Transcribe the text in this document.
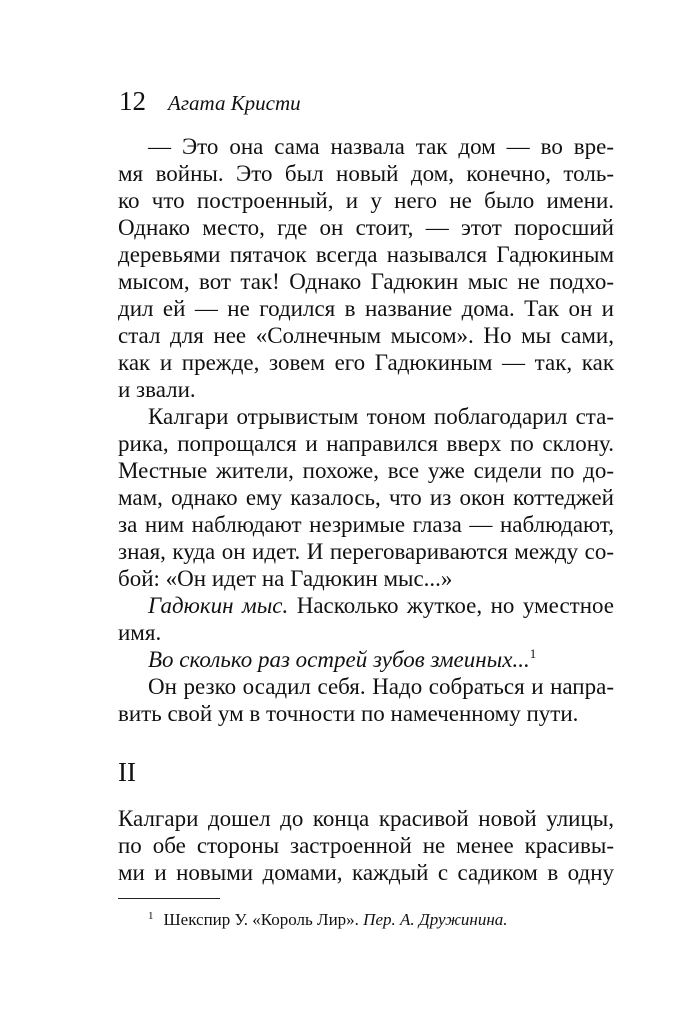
12 Агата Кристи
— Это она сама назвала так дом — во вре-
мя войны. Это был новый дом, конечно, толь-
ко что построенный, и у него не было имени.
Однако место, где он стоит, — этот поросший
деревьями пятачок всегда назывался Гадюкиным
мысом, вот так! Однако Гадюкин мыс не подхо-
дил ей — не годился в название дома. Так он и
стал для нее «Солнечным мысом». Но мы сами,
как и прежде, зовем его Гадюкиным — так, как
и звали.
Калгари отрывистым тоном поблагодарил ста-
рика, попрощался и направился вверх по склону.
Местные жители, похоже, все уже сидели по до-
мам, однако ему казалось, что из окон коттеджей
за ним наблюдают незримые глаза — наблюдают,
зная, куда он идет. И переговариваются между со-
бой: «Он идет на Гадюкин мыс...»
Гадюкин мыс. Насколько жуткое, но уместное
имя.
Во сколько раз острей зубов змеиных...$^1$
Он резко осадил себя. Надо собраться и напра-
вить свой ум в точности по намеченному пути.
II
Калгари дошел до конца красивой новой улицы,
по обе стороны застроенной не менее красивы-
ми и новыми домами, каждый с садиком в одну
$^1$ Шекспир У. «Король Лир». Пер. А. Дружинина.
